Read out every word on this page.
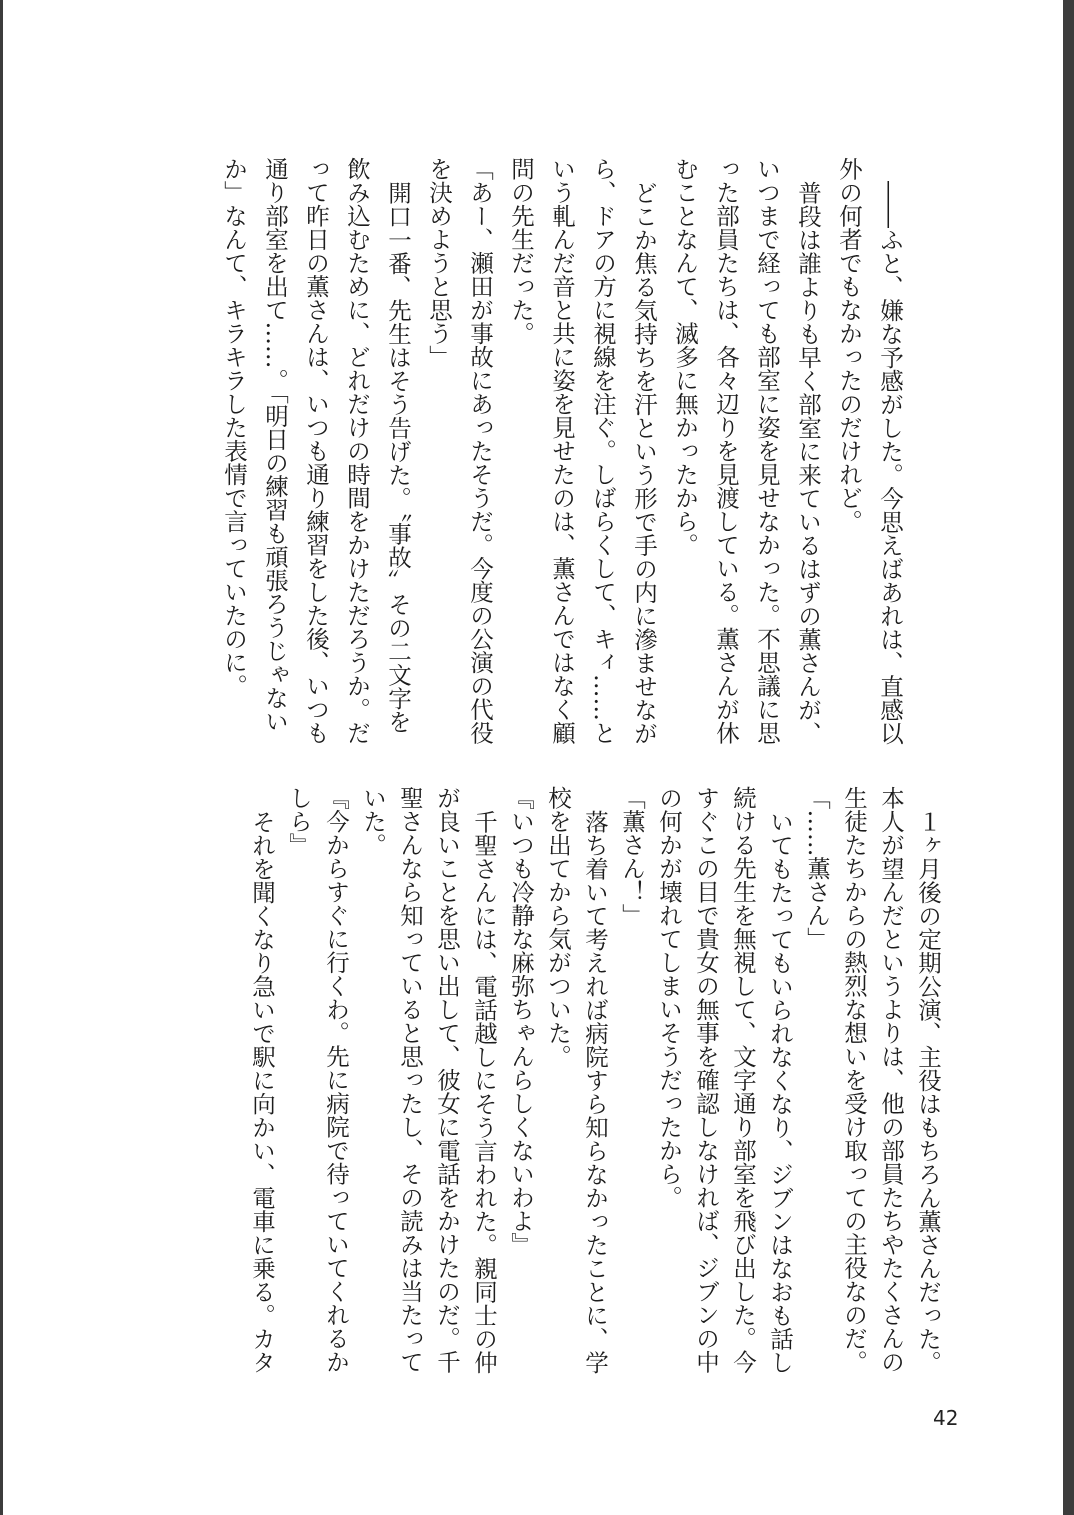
――ふと、嫌な予感がした。今思えばあれは、直感以外の何者でもなかったのだけれど。

普段は誰よりも早く部室に来ているはずの薫さんが、いつまで経っても部室に姿を見せなかった。不思議に思った部員たちは、各々辺りを見渡している。薫さんが休むことなんて、滅多に無かったから。

どこか焦る気持ちを汗という形で手の内に滲ませながら、ドアの方に視線を注ぐ。しばらくして、キィ……という軋んだ音と共に姿を見せたのは、薫さんではなく顧問の先生だった。

「あー、瀬田が事故にあったそうだ。今度の公演の代役を決めようと思う」

開口一番、先生はそう告げた。〝事故〟その二文字を飲み込むために、どれだけの時間をかけただろうか。だって昨日の薫さんは、いつも通り練習をした後、いつも通り部室を出て……。「明日の練習も頑張ろうじゃないか」なんて、キラキラした表情で言っていたのに。

１ヶ月後の定期公演、主役はもちろん薫さんだった。本人が望んだというよりは、他の部員たちやたくさんの生徒たちからの熱烈な想いを受け取っての主役なのだ。

「……薫さん」

いてもたってもいられなくなり、ジブンはなおも話し続ける先生を無視して、文字通り部室を飛び出した。今すぐこの目で貴女の無事を確認しなければ、ジブンの中の何かが壊れてしまいそうだったから。

「薫さん！」

落ち着いて考えれば病院すら知らなかったことに、学校を出てから気がついた。

『いつも冷静な麻弥ちゃんらしくないわよ』

千聖さんには、電話越しにそう言われた。親同士の仲が良いことを思い出して、彼女に電話をかけたのだ。千聖さんなら知っていると思ったし、その読みは当たっていた。

『今からすぐに行くわ。先に病院で待っていてくれるかしら』

それを聞くなり急いで駅に向かい、電車に乗る。カタ

42
